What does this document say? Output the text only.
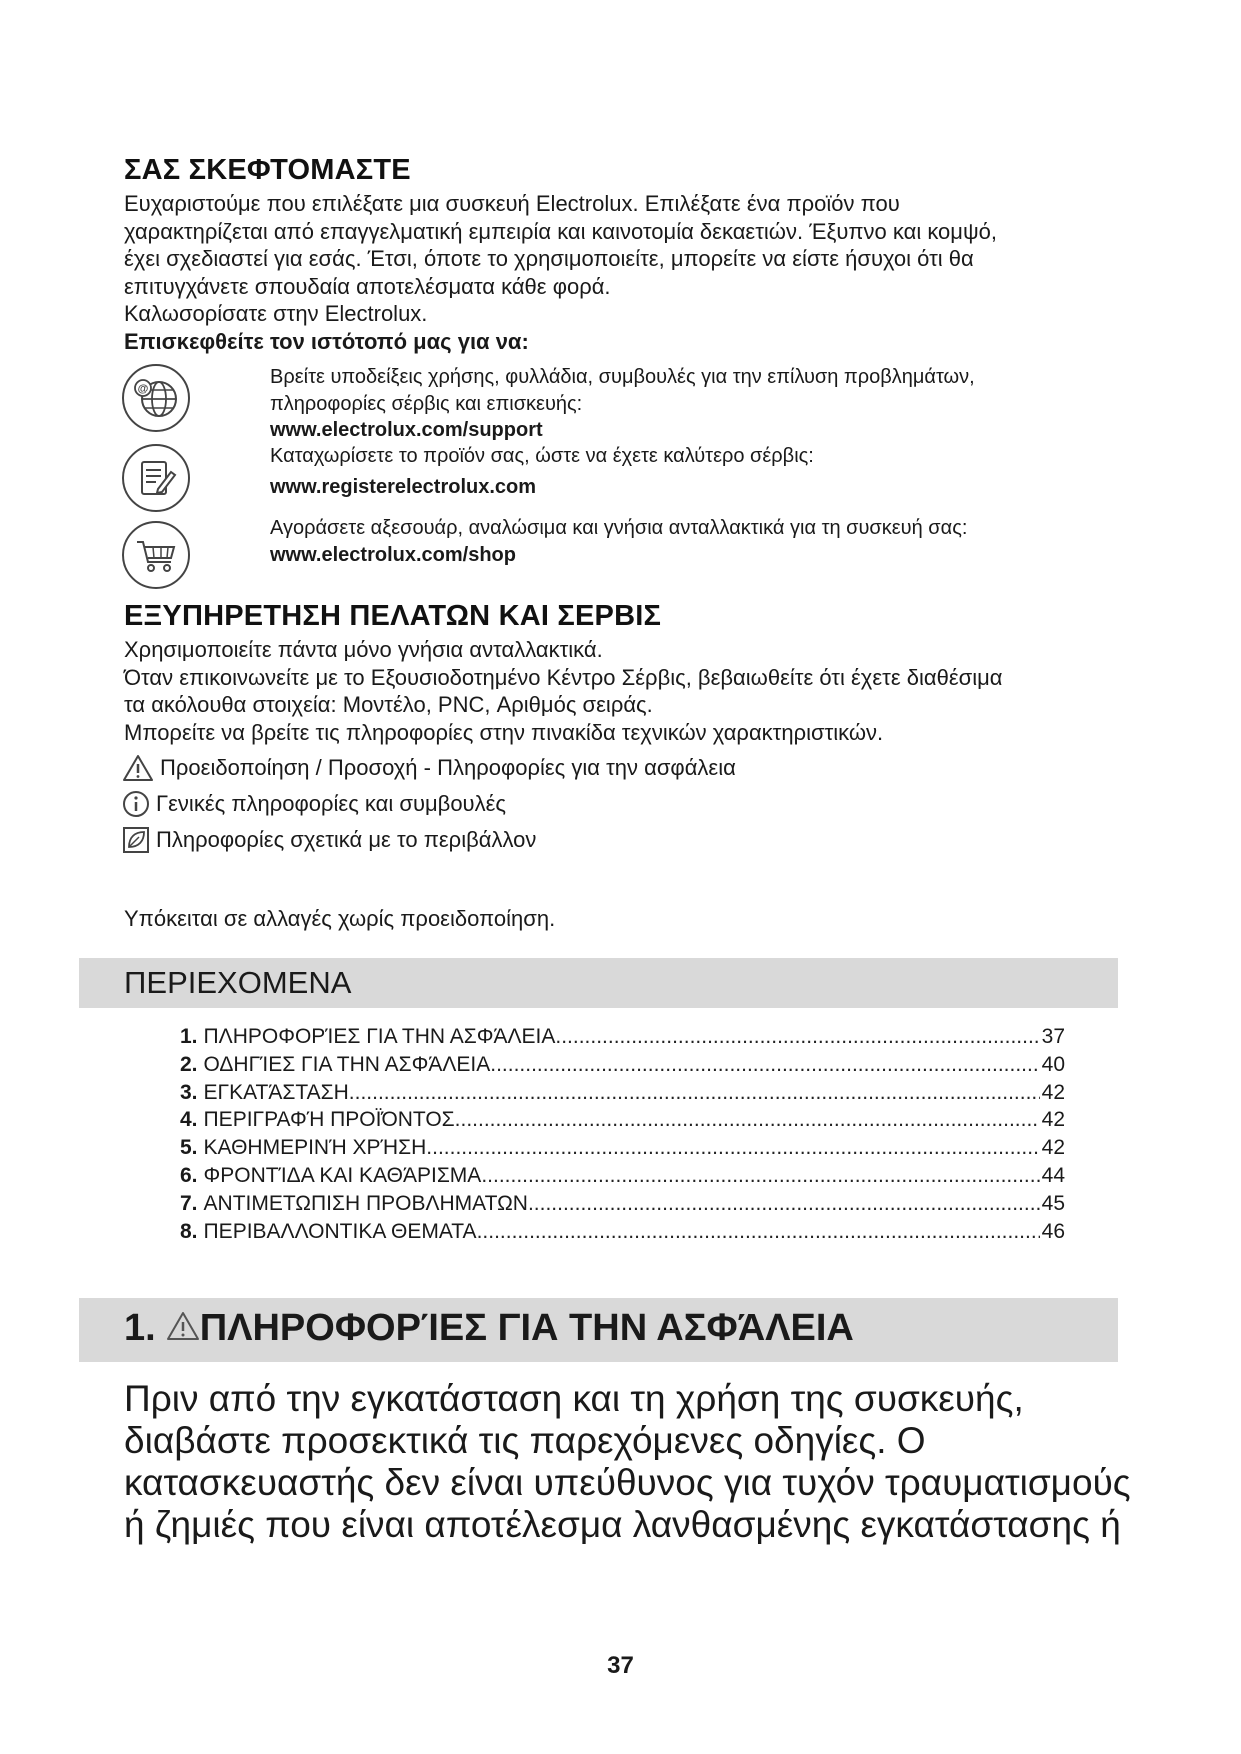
ΣΑΣ ΣΚΕΦΤΟΜΑΣΤΕ
Ευχαριστούμε που επιλέξατε μια συσκευή Electrolux. Επιλέξατε ένα προϊόν που
χαρακτηρίζεται από επαγγελματική εμπειρία και καινοτομία δεκαετιών. Έξυπνο και κομψό,
έχει σχεδιαστεί για εσάς. Έτσι, όποτε το χρησιμοποιείτε, μπορείτε να είστε ήσυχοι ότι θα
επιτυγχάνετε σπουδαία αποτελέσματα κάθε φορά.
Καλωσορίσατε στην Electrolux.
Επισκεφθείτε τον ιστότοπό μας για να:
@
Βρείτε υποδείξεις χρήσης, φυλλάδια, συμβουλές για την επίλυση προβλημάτων,
πληροφορίες σέρβις και επισκευής:
www.electrolux.com/support
Καταχωρίσετε το προϊόν σας, ώστε να έχετε καλύτερο σέρβις:
www.registerelectrolux.com
Αγοράσετε αξεσουάρ, αναλώσιμα και γνήσια ανταλλακτικά για τη συσκευή σας:
www.electrolux.com/shop
ΕΞΥΠΗΡΕΤΗΣΗ ΠΕΛΑΤΩΝ ΚΑΙ ΣΕΡΒΙΣ
Χρησιμοποιείτε πάντα μόνο γνήσια ανταλλακτικά.
Όταν επικοινωνείτε με το Εξουσιοδοτημένο Κέντρο Σέρβις, βεβαιωθείτε ότι έχετε διαθέσιμα
τα ακόλουθα στοιχεία: Μοντέλο, PNC, Αριθμός σειράς.
Μπορείτε να βρείτε τις πληροφορίες στην πινακίδα τεχνικών χαρακτηριστικών.
Προειδοποίηση / Προσοχή - Πληροφορίες για την ασφάλεια
Γενικές πληροφορίες και συμβουλές
Πληροφορίες σχετικά με το περιβάλλον
Υπόκειται σε αλλαγές χωρίς προειδοποίηση.
ΠΕΡΙΕΧΟΜΕΝΑ
1. ΠΛΗΡΟΦΟΡΊΕΣ ΓΙΑ ΤΗΝ ΑΣΦΆΛΕΙΑ .....	37
2. ΟΔΗΓΊΕΣ ΓΙΑ ΤΗΝ ΑΣΦΆΛΕΙΑ .....	40
3. ΕΓΚΑΤΆΣΤΑΣΗ .....	42
4. ΠΕΡΙΓΡΑΦΉ ΠΡΟΪΌΝΤΟΣ .....	42
5. ΚΑΘΗΜΕΡΙΝΉ ΧΡΉΣΗ .....	42
6. ΦΡΟΝΤΊΔΑ ΚΑΙ ΚΑΘΆΡΙΣΜΑ .....	44
7. ΑΝΤΙΜΕΤΩΠΙΣΗ ΠΡΟΒΛΗΜΑΤΩΝ .....	45
8. ΠΕΡΙΒΑΛΛΟΝΤΙΚΑ ΘΕΜΑΤΑ .....	46
1. ΠΛΗΡΟΦΟΡΊΕΣ ΓΙΑ ΤΗΝ ΑΣΦΆΛΕΙΑ
Πριν από την εγκατάσταση και τη χρήση της συσκευής,
διαβάστε προσεκτικά τις παρεχόμενες οδηγίες. Ο
κατασκευαστής δεν είναι υπεύθυνος για τυχόν τραυματισμούς
ή ζημιές που είναι αποτέλεσμα λανθασμένης εγκατάστασης ή
37
